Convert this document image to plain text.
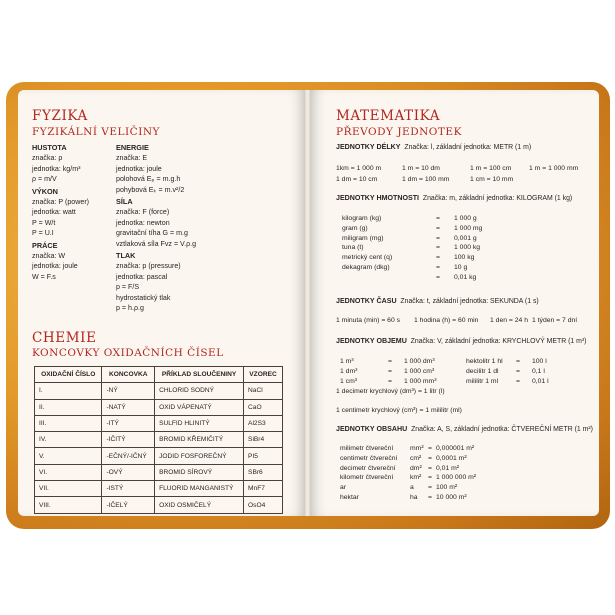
FYZIKA
FYZIKÁLNÍ VELIČINY
HUSTOTA
značka: ρ
jednotka: kg/m³
ρ = m/V
VÝKON
značka: P (power)
jednotka: watt
P = W/t
P = U.I
PRÁCE
značka: W
jednotka: joule
W = F.s
ENERGIE
značka: E
jednotka: joule
polohová Eₚ = m.g.h
pohybová Eₖ = m.v²/2
SÍLA
značka: F (force)
jednotka: newton
gravitační tíha G = m.g
vztlaková síla Fvz = V.ρ.g
TLAK
značka: p (pressure)
jednotka: pascal
p = F/S
hydrostatický tlak
p = h.ρ.g
CHEMIE
KONCOVKY OXIDAČNÍCH ČÍSEL
OXIDAČNÍ ČÍSLO	KONCOVKA	PŘÍKLAD SLOUČENINY	VZOREC
I.	-NÝ	CHLORID SODNÝ	NaCl
II.	-NATÝ	OXID VÁPENATÝ	CaO
III.	-ITÝ	SULFID HLINITÝ	Al2S3
IV.	-IČITÝ	BROMID KŘEMIČITÝ	SiBr4
V.	-EČNÝ/-IČNÝ	JODID FOSFOREČNÝ	PI5
VI.	-OVÝ	BROMID SÍROVÝ	SBr6
VII.	-ISTÝ	FLUORID MANGANISTÝ	MnF7
VIII.	-IČELÝ	OXID OSMIČELÝ	OsO4
MATEMATIKA
PŘEVODY JEDNOTEK
JEDNOTKY DÉLKY Značka: l, základní jednotka: METR (1 m)
1km = 1 000 m	1 m = 10 dm	1 m = 100 cm	1 m = 1 000 mm
1 dm = 10 cm	1 dm = 100 mm	1 cm = 10 mm
JEDNOTKY HMOTNOSTI Značka: m, základní jednotka: KILOGRAM (1 kg)
kilogram (kg)	= 1 000 g
gram (g)	= 1 000 mg
miligram (mg)	= 0,001 g
tuna (t)	= 1 000 kg
metrický cent (q)	= 100 kg
dekagram (dkg)	= 10 g
= 0,01 kg
JEDNOTKY ČASU Značka: t, základní jednotka: SEKUNDA (1 s)
1 minuta (min) = 60 s 1 hodina (h) = 60 min 1 den = 24 h 1 týden = 7 dní
JEDNOTKY OBJEMU Značka: V, základní jednotka: KRYCHLOVÝ METR (1 m³)
1 m³	= 1 000 dm³	hektolitr 1 hl = 100 l
1 dm³	= 1 000 cm³	decilitr 1 dl	= 0,1 l
1 cm³	= 1 000 mm³	mililitr 1 ml	= 0,01 l
1 decimetr krychlový (dm³) = 1 litr (l)
1 centimetr krychlový (cm³) = 1 mililitr (ml)
JEDNOTKY OBSAHU Značka: A, S, základní jednotka: ČTVEREČNÍ METR (1 m²)
milimetr čtvereční mm² = 0,000001 m²
centimetr čtvereční cm² = 0,0001 m²
decimetr čtvereční dm² = 0,01 m²
kilometr čtvereční km² = 1 000 000 m²
ar	a = 100 m²
hektar	ha = 10 000 m²
